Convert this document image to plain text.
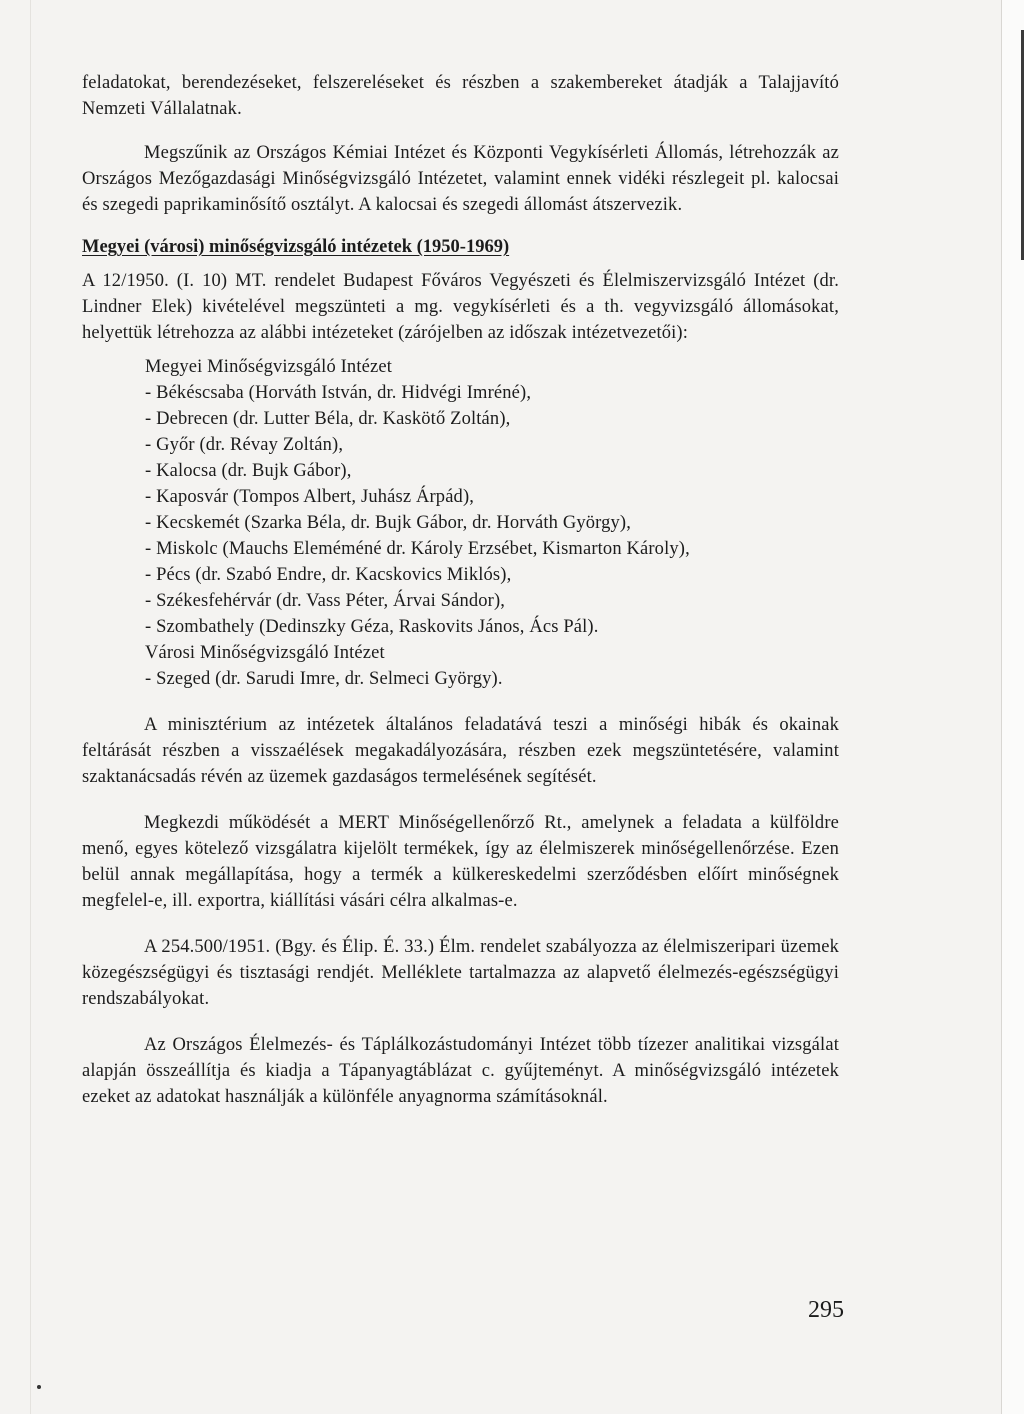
feladatokat, berendezéseket, felszereléseket és részben a szakembereket átadják a Talajjavító Nemzeti Vállalatnak.

Megszűnik az Országos Kémiai Intézet és Központi Vegykísérleti Állomás, létrehozzák az Országos Mezőgazdasági Minőségvizsgáló Intézetet, valamint ennek vidéki részlegeit pl. kalocsai és szegedi paprikaminősítő osztályt. A kalocsai és szegedi állomást átszervezik.

Megyei (városi) minőségvizsgáló intézetek (1950-1969)

A 12/1950. (I. 10) MT. rendelet Budapest Főváros Vegyészeti és Élelmiszervizsgáló Intézet (dr. Lindner Elek) kivételével megszünteti a mg. vegykísérleti és a th. vegyvizsgáló állomásokat, helyettük létrehozza az alábbi intézeteket (zárójelben az időszak intézetvezetői):

Megyei Minőségvizsgáló Intézet
- Békéscsaba (Horváth István, dr. Hidvégi Imréné),
- Debrecen (dr. Lutter Béla, dr. Kaskötő Zoltán),
- Győr (dr. Révay Zoltán),
- Kalocsa (dr. Bujk Gábor),
- Kaposvár (Tompos Albert, Juhász Árpád),
- Kecskemét (Szarka Béla, dr. Bujk Gábor, dr. Horváth György),
- Miskolc (Mauchs Eleméméné dr. Károly Erzsébet, Kismarton Károly),
- Pécs (dr. Szabó Endre, dr. Kacskovics Miklós),
- Székesfehérvár (dr. Vass Péter, Árvai Sándor),
- Szombathely (Dedinszky Géza, Raskovits János, Ács Pál).
Városi Minőségvizsgáló Intézet
- Szeged (dr. Sarudi Imre, dr. Selmeci György).

A minisztérium az intézetek általános feladatává teszi a minőségi hibák és okainak feltárását részben a visszaélések megakadályozására, részben ezek megszüntetésére, valamint szaktanácsadás révén az üzemek gazdaságos termelésének segítését.

Megkezdi működését a MERT Minőségellenőrző Rt., amelynek a feladata a külföldre menő, egyes kötelező vizsgálatra kijelölt termékek, így az élelmiszerek minőségellenőrzése. Ezen belül annak megállapítása, hogy a termék a külkereskedelmi szerződésben előírt minőségnek megfelel-e, ill. exportra, kiállítási vásári célra alkalmas-e.

A 254.500/1951. (Bgy. és Élip. É. 33.) Élm. rendelet szabályozza az élelmiszeripari üzemek közegészségügyi és tisztasági rendjét. Melléklete tartalmazza az alapvető élelmezés-egészségügyi rendszabályokat.

Az Országos Élelmezés- és Táplálkozástudományi Intézet több tízezer analitikai vizsgálat alapján összeállítja és kiadja a Tápanyagtáblázat c. gyűjteményt. A minőségvizsgáló intézetek ezeket az adatokat használják a különféle anyagnorma számításoknál.

295
